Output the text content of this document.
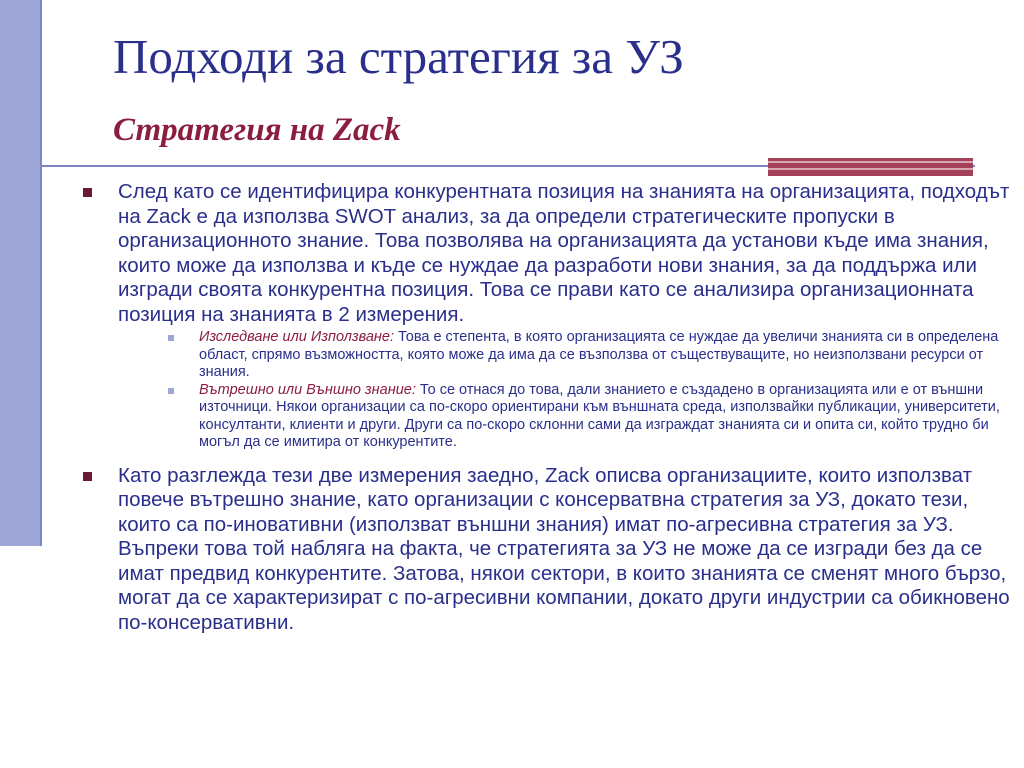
Подходи за стратегия за УЗ
Стратегия на Zack
След като се идентифицира конкурентната позиция на знанията на организацията, подходът на Zack е да използва SWOT анализ, за да определи стратегическите пропуски в организационното знание. Това позволява на организацията да установи къде има знания, които може да използва и къде се нуждае да разработи нови знания, за да поддържа или изгради своята конкурентна позиция. Това се прави като се анализира организационната позиция на знанията в 2 измерения.
Изследване или Използване: Това е степента, в която организацията се нуждае да увеличи знанията си в определена област, спрямо възможността, която може да има да се възползва от съществуващите, но неизползвани ресурси от знания.
Вътрешно или Външно знание: То се отнася до това, дали знанието е създадено в организацията или е от външни източници. Някои организации са по-скоро ориентирани към външната среда, използвайки публикации, университети, консултанти, клиенти и други. Други са по-скоро склонни сами да изграждат знанията си и опита си, който трудно би могъл да се имитира от конкурентите.
Като разглежда тези две измерения заедно, Zack описва организациите, които използват повече вътрешно знание, като организации с консерватвна стратегия за УЗ, докато тези, които са по-иновативни (използват външни знания) имат по-агресивна стратегия за УЗ. Въпреки това той набляга на факта, че стратегията за УЗ не може да се изгради без да се имат предвид конкурентите. Затова, някои сектори, в които знанията се сменят много бързо, могат да се характеризират с по-агресивни компании, докато други индустрии са обикновено по-консервативни.
